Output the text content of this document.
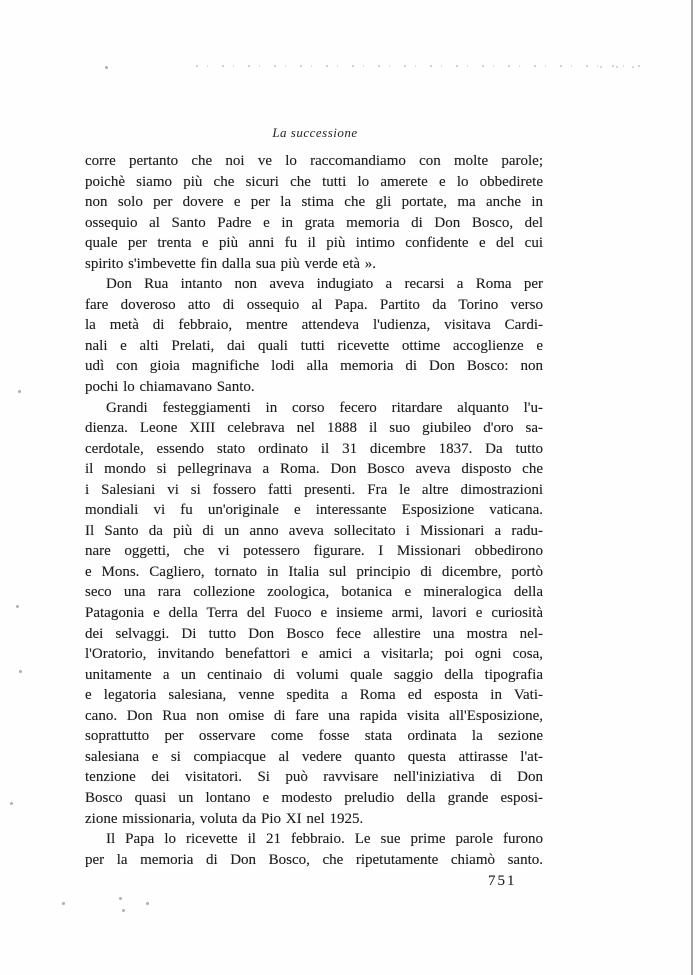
La successione
corre pertanto che noi ve lo raccomandiamo con molte parole;
poichè siamo più che sicuri che tutti lo amerete e lo obbedirete
non solo per dovere e per la stima che gli portate, ma anche in
ossequio al Santo Padre e in grata memoria di Don Bosco, del
quale per trenta e più anni fu il più intimo confidente e del cui
spirito s'imbevette fin dalla sua più verde età ».
Don Rua intanto non aveva indugiato a recarsi a Roma per
fare doveroso atto di ossequio al Papa. Partito da Torino verso
la metà di febbraio, mentre attendeva l'udienza, visitava Cardi-
nali e alti Prelati, dai quali tutti ricevette ottime accoglienze e
udì con gioia magnifiche lodi alla memoria di Don Bosco: non
pochi lo chiamavano Santo.
Grandi festeggiamenti in corso fecero ritardare alquanto l'u-
dienza. Leone XIII celebrava nel 1888 il suo giubileo d'oro sa-
cerdotale, essendo stato ordinato il 31 dicembre 1837. Da tutto
il mondo si pellegrinava a Roma. Don Bosco aveva disposto che
i Salesiani vi si fossero fatti presenti. Fra le altre dimostrazioni
mondiali vi fu un'originale e interessante Esposizione vaticana.
Il Santo da più di un anno aveva sollecitato i Missionari a radu-
nare oggetti, che vi potessero figurare. I Missionari obbedirono
e Mons. Cagliero, tornato in Italia sul principio di dicembre, portò
seco una rara collezione zoologica, botanica e mineralogica della
Patagonia e della Terra del Fuoco e insieme armi, lavori e curiosità
dei selvaggi. Di tutto Don Bosco fece allestire una mostra nel-
l'Oratorio, invitando benefattori e amici a visitarla; poi ogni cosa,
unitamente a un centinaio di volumi quale saggio della tipografia
e legatoria salesiana, venne spedita a Roma ed esposta in Vati-
cano. Don Rua non omise di fare una rapida visita all'Esposizione,
soprattutto per osservare come fosse stata ordinata la sezione
salesiana e si compiacque al vedere quanto questa attirasse l'at-
tenzione dei visitatori. Si può ravvisare nell'iniziativa di Don
Bosco quasi un lontano e modesto preludio della grande esposi-
zione missionaria, voluta da Pio XI nel 1925.
Il Papa lo ricevette il 21 febbraio. Le sue prime parole furono
per la memoria di Don Bosco, che ripetutamente chiamò santo.
751
